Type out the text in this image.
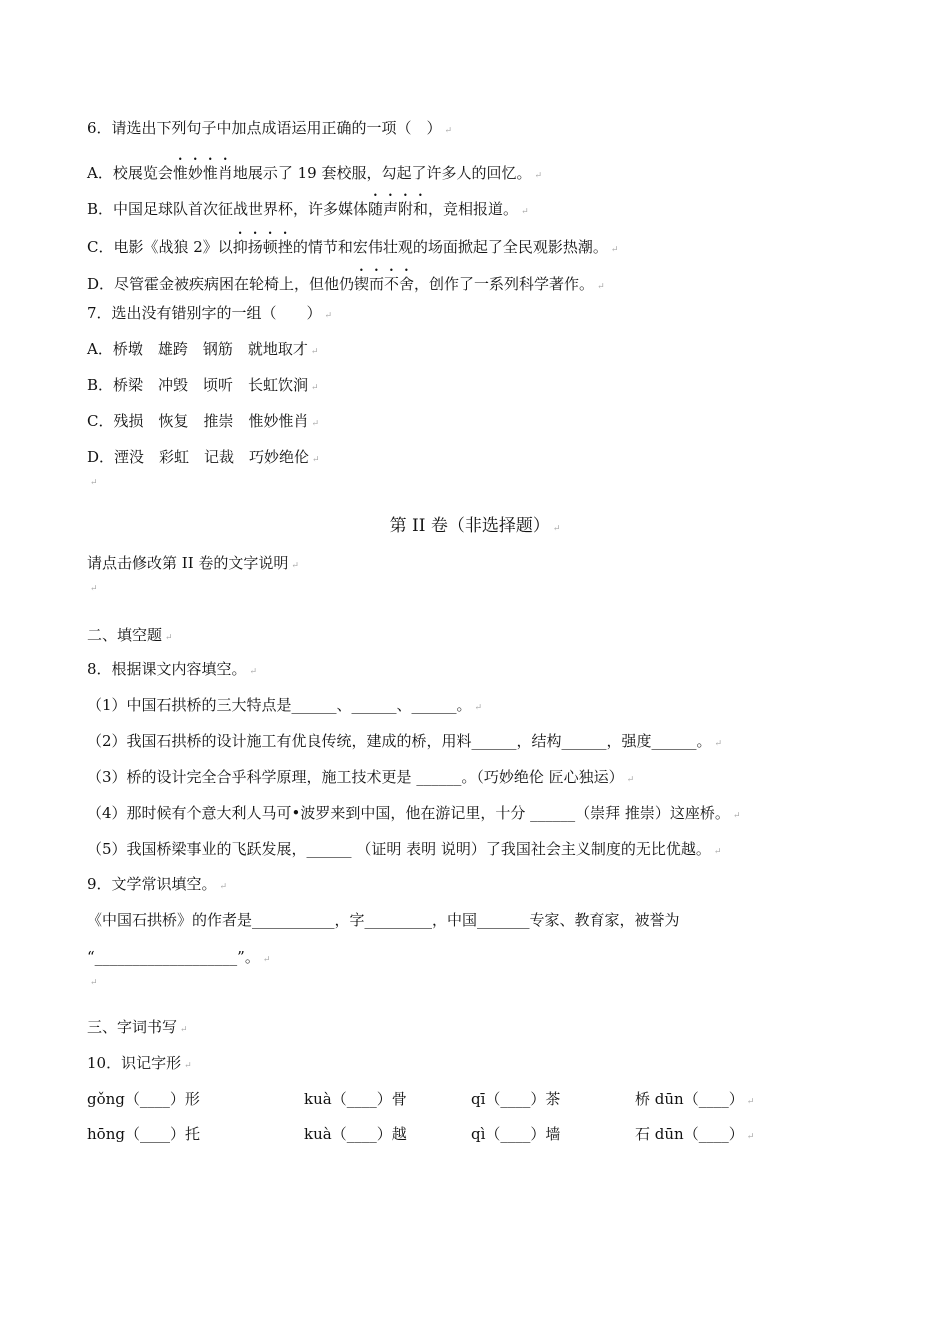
6．请选出下列句子中加点成语运用正确的一项（　） ↵
A．校展览会惟妙惟肖地展示了 19 套校服，勾起了许多人的回忆。 ↵
B．中国足球队首次征战世界杯，许多媒体随声附和，竞相报道。 ↵
C．电影《战狼 2》以抑扬顿挫的情节和宏伟壮观的场面掀起了全民观影热潮。 ↵
D．尽管霍金被疾病困在轮椅上，但他仍锲而不舍，创作了一系列科学著作。 ↵
7．选出没有错别字的一组（　　） ↵
A．桥墩　雄跨　钢筋　就地取才 ↵
B．桥梁　冲毁　顷听　长虹饮涧 ↵
C．残损　恢复　推崇　惟妙惟肖 ↵
D．湮没　彩虹　记裁　巧妙绝伦 ↵
↵
第 II 卷（非选择题） ↵
请点击修改第 II 卷的文字说明 ↵
↵
二、填空题 ↵
8．根据课文内容填空。 ↵
（1）中国石拱桥的三大特点是______、______、______。 ↵
（2）我国石拱桥的设计施工有优良传统，建成的桥，用料______，结构______，强度______。 ↵
（3）桥的设计完全合乎科学原理，施工技术更是 ______。（巧妙绝伦 匠心独运） ↵
（4）那时候有个意大利人马可•波罗来到中国，他在游记里，十分 ______（崇拜 推崇）这座桥。 ↵
（5）我国桥梁事业的飞跃发展，______ （证明 表明 说明）了我国社会主义制度的无比优越。 ↵
9．文学常识填空。 ↵
《中国石拱桥》的作者是___________，字_________，中国_______专家、教育家，被誉为
“___________________”。 ↵
↵
三、字词书写 ↵
10．识记字形 ↵
gǒng（____）形	kuà（____）骨	qī（____）茶	桥 dūn（____） ↵
hōng（____）托	kuà（____）越	qì（____）墙	石 dūn（____） ↵
